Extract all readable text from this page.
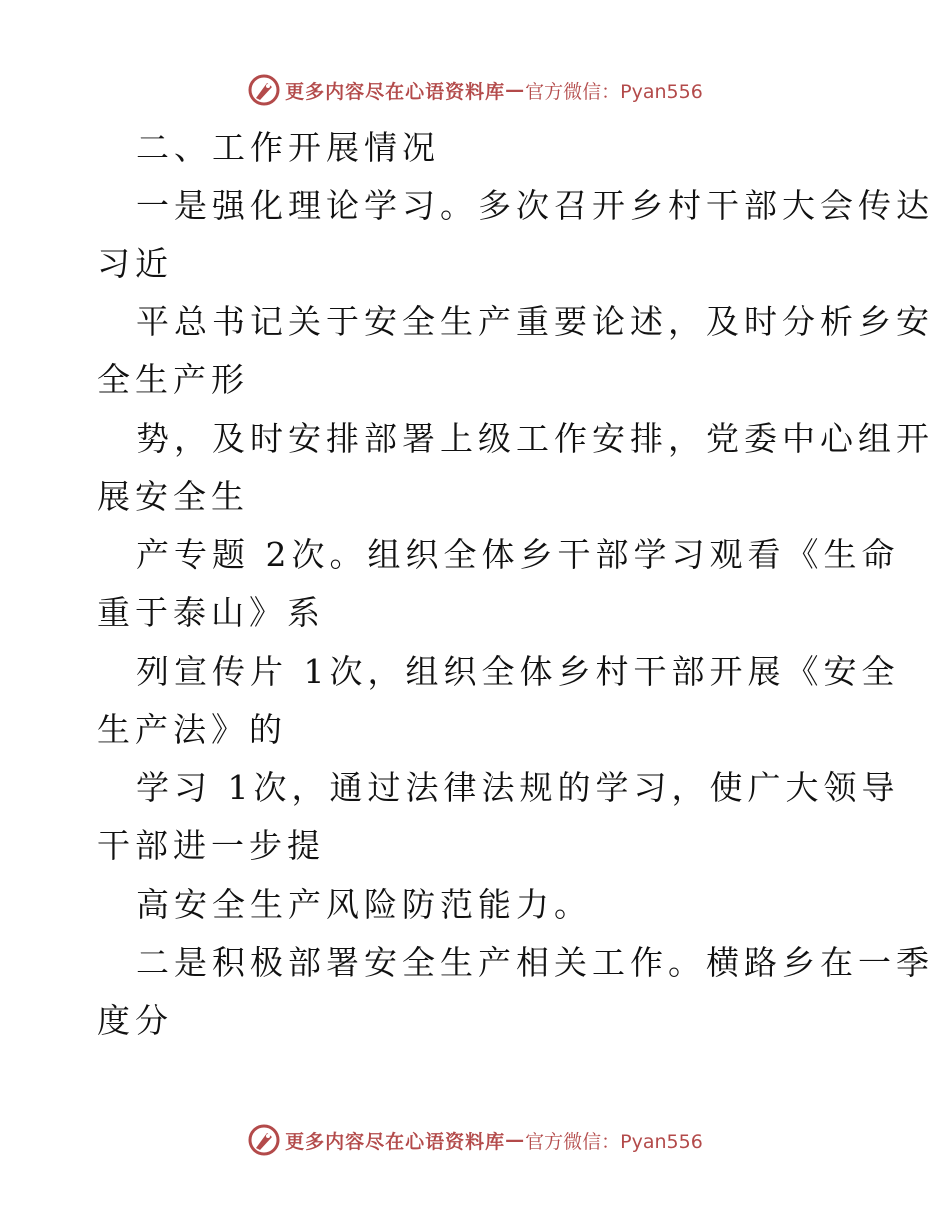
更多内容尽在心语资料库 — 官方微信：Pyan556
二、工作开展情况
一是强化理论学习。多次召开乡村干部大会传达
习近
平总书记关于安全生产重要论述，及时分析乡安
全生产形
势，及时安排部署上级工作安排，党委中心组开
展安全生
产专题 2次。组织全体乡干部学习观看《生命
重于泰山》系
列宣传片 1次，组织全体乡村干部开展《安全
生产法》的
学习 1次，通过法律法规的学习，使广大领导
干部进一步提
高安全生产风险防范能力。
二是积极部署安全生产相关工作。横路乡在一季
度分
更多内容尽在心语资料库 — 官方微信：Pyan556
